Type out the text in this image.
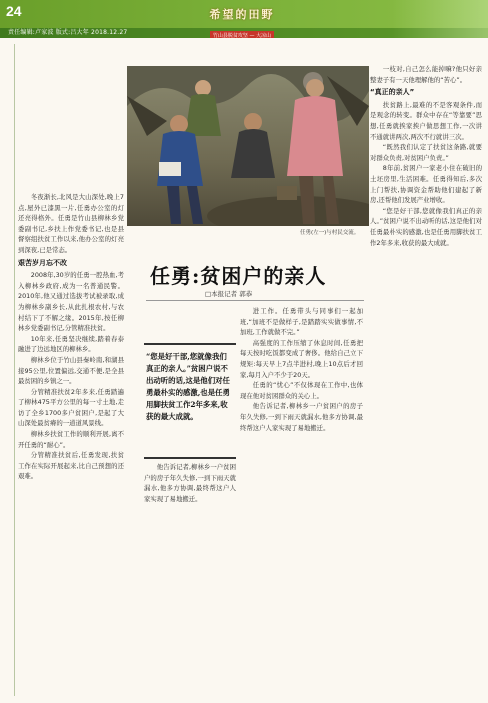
24
责任编辑:卢家波 版式:吕大年 2018.12.27
希望的田野
竹山县脱贫攻坚 — 大凉山
任勇(左一)与村民交流。
任勇:贫困户的亲人
□本报记者 郭恭

冬夜渐长,北风是大山深处,晚上7点,屋外已漆黑一片,任勇办公室的灯还亮得格外。任勇是竹山县柳林乡党委副书记,乡扶上作党委书记,也是县督察组扶贫工作以来,他办公室的灯亮到深夜,已是常态。

艰苦岁月忘不改

2008年,30岁的任勇一腔热血,考入柳林乡政府,成为一名普通民警。2010年,他又通过选拔考试被录取,成为柳林乡副乡长,从此扎根农村,与农村结下了不解之缘。2015年,按任柳林乡党委副书记,分管精准扶贫。

10年来,任勇坚决继续,踏着春泰融进了边远地区的柳林乡。

柳林乡位于竹山县秦岭南,和湖县接95公里,位置偏远,交通不便,是全县最贫困的乡镇之一。

分管精准扶贫2年多来,任勇踏遍了柳林475平方公里的每一寸土地,走访了全乡1700多户贫困户,是起了大山深处最贫瘠的一道道风景线。

柳林乡扶贫工作的顺利开展,离不开任勇的“耐心”。

分管精准扶贫后,任勇发现,扶贫工作在实际开展起来,比自己预想的还艰难。

“您是好干部,您就像我们真正的亲人。”贫困户说不出动听的话,这是他们对任勇最朴实的感激,也是任勇用脚扶贫工作2年多来,收获的最大成就。

进工作。任勇带头与同事们一起加班,“加班不是做样子,是踏踏实实做事情,不加班,工作就做不完。”

高强度的工作压缩了休息时间,任勇把每天按时吃饭都变成了奢侈。他给自己立下规矩:每天早上7点半进村,晚上10点后才回家,每月入户不少于20天。

任勇的“忧心”不仅体现在工作中,也体现在他对贫困群众的关心上。

他告诉记者,柳林乡一户贫困户的房子年久失修,一到下雨天就漏水,他多方协调,最终帮这户人家实现了易地搬迁。

他告诉记者,柳林乡一户贫困户的房子年久失修,一到下雨天就漏水,他多方协调,最终帮这户人家实现了易地搬迁。

一枝对,自己怎么能掉嘛?他只好亲整妻子有一天他理解他的“苦心”。

“真正的亲人”

扶贫路上,最难的不是客观条件,而是观念的转变。群众中存在“等靠要”思想,任勇就挨家挨户做思想工作,一次讲不通就讲两次,两次不行就讲三次。

“既然我们认定了扶贫这条路,就要对群众负责,对贫困户负责。”

8年前,贫困户一家老小住在破旧的土坯房里,生活困难。任勇得知后,多次上门帮扶,协调资金帮助他们建起了新房,还帮他们发展产业增收。

“您是好干部,您就像我们真正的亲人。”贫困户说不出动听的话,这是他们对任勇最朴实的感激,也是任勇用脚扶贫工作2年多来,收获的最大成就。
